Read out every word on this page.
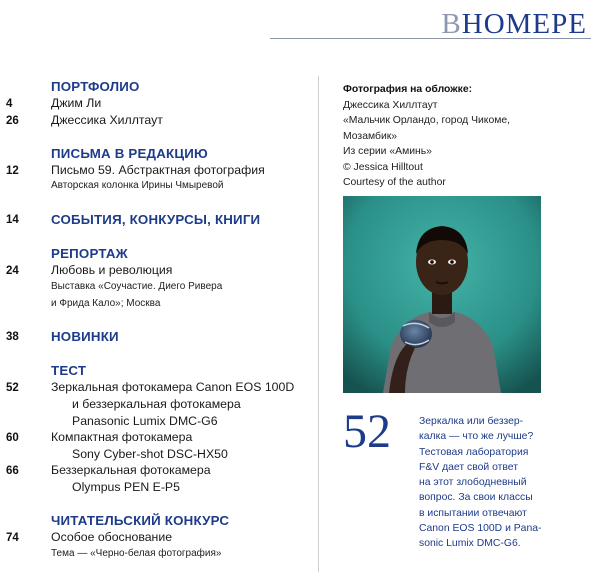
ВНОМЕРЕ
ПОРТФОЛИО
4	Джим Ли
26	Джессика Хиллтаут
ПИСЬМА В РЕДАКЦИЮ
12	Письмо 59. Абстрактная фотография
Авторская колонка Ирины Чмыревой
14	СОБЫТИЯ, КОНКУРСЫ, КНИГИ
РЕПОРТАЖ
24	Любовь и революция
Выставка «Соучастие. Диего Ривера
и Фрида Кало»; Москва
38	НОВИНКИ
ТЕСТ
52	Зеркальная фотокамера Canon EOS 100D
и беззеркальная фотокамера
Panasonic Lumix DMC-G6
60	Компактная фотокамера
Sony Cyber-shot DSC-HX50
66	Беззеркальная фотокамера
Olympus PEN E-P5
ЧИТАТЕЛЬСКИЙ КОНКУРС
74	Особое обоснование
Тема — «Черно-белая фотография»
Фотография на обложке:
Джессика Хиллтаут
«Мальчик Орландо, город Чикоме,
Мозамбик»
Из серии «Аминь»
© Jessica Hilltout
Courtesy of the author
52	Зеркалка или беззер-
калка — что же лучше?
Тестовая лаборатория
F&V дает свой ответ
на этот злободневный
вопрос. За свои классы
в испытании отвечают
Canon EOS 100D и Pana-
sonic Lumix DMC-G6.
